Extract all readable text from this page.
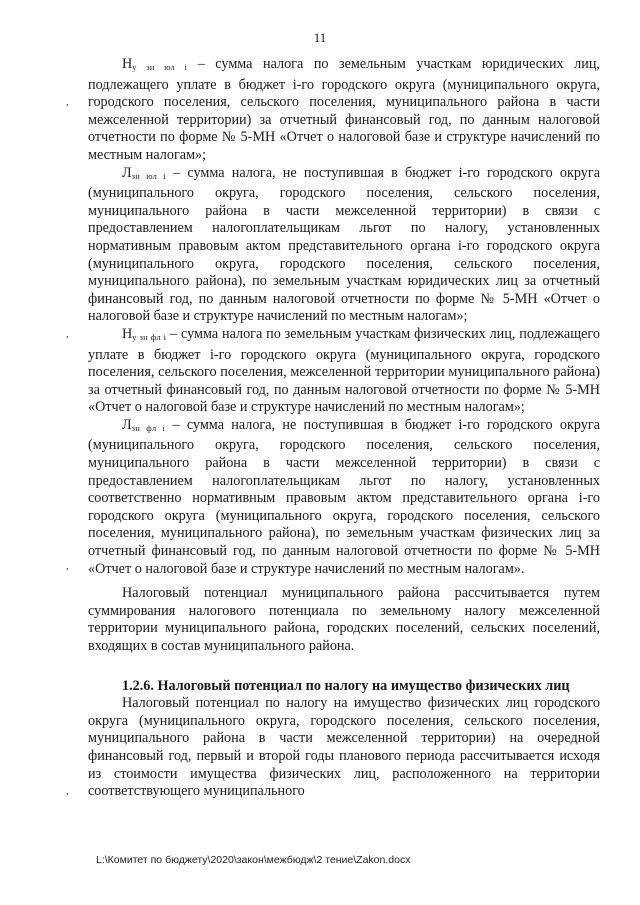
11
,
,
,
,

$Н_{у зн юл i}$ – сумма налога по земельным участкам юридических лиц, подлежащего уплате в бюджет i-го городского округа (муниципального округа, городского поселения, сельского поселения, муниципального района в части межселенной территории) за отчетный финансовый год, по данным налоговой отчетности по форме № 5-МН «Отчет о налоговой базе и структуре начислений по местным налогам»;

$Л_{зн юл i}$ – сумма налога, не поступившая в бюджет i-го городского округа (муниципального округа, городского поселения, сельского поселения, муниципального района в части межселенной территории) в связи с предоставлением налогоплательщикам льгот по налогу, установленных нормативным правовым актом представительного органа i-го городского округа (муниципального округа, городского поселения, сельского поселения, муниципального района), по земельным участкам юридических лиц за отчетный финансовый год, по данным налоговой отчетности по форме № 5-МН «Отчет о налоговой базе и структуре начислений по местным налогам»;

$Н_{у зн фл i}$ – сумма налога по земельным участкам физических лиц, подлежащего уплате в бюджет i-го городского округа (муниципального округа, городского поселения, сельского поселения, межселенной территории муниципального района) за отчетный финансовый год, по данным налоговой отчетности по форме № 5-МН «Отчет о налоговой базе и структуре начислений по местным налогам»;

$Л_{зн фл i}$ – сумма налога, не поступившая в бюджет i-го городского округа (муниципального округа, городского поселения, сельского поселения, муниципального района в части межселенной территории) в связи с предоставлением налогоплательщикам льгот по налогу, установленных соответственно нормативным правовым актом представительного органа i-го городского округа (муниципального округа, городского поселения, сельского поселения, муниципального района), по земельным участкам физических лиц за отчетный финансовый год, по данным налоговой отчетности по форме № 5-МН «Отчет о налоговой базе и структуре начислений по местным налогам».

Налоговый потенциал муниципального района рассчитывается путем суммирования налогового потенциала по земельному налогу межселенной территории муниципального района, городских поселений, сельских поселений, входящих в состав муниципального района.

1.2.6. Налоговый потенциал по налогу на имущество физических лиц

Налоговый потенциал по налогу на имущество физических лиц городского округа (муниципального округа, городского поселения, сельского поселения, муниципального района в части межселенной территории) на очередной финансовый год, первый и второй годы планового периода рассчитывается исходя из стоимости имущества физических лиц, расположенного на территории соответствующего муниципального

L:\Комитет по бюджету\2020\закон\межбюдж\2 тение\Zakon.docx
